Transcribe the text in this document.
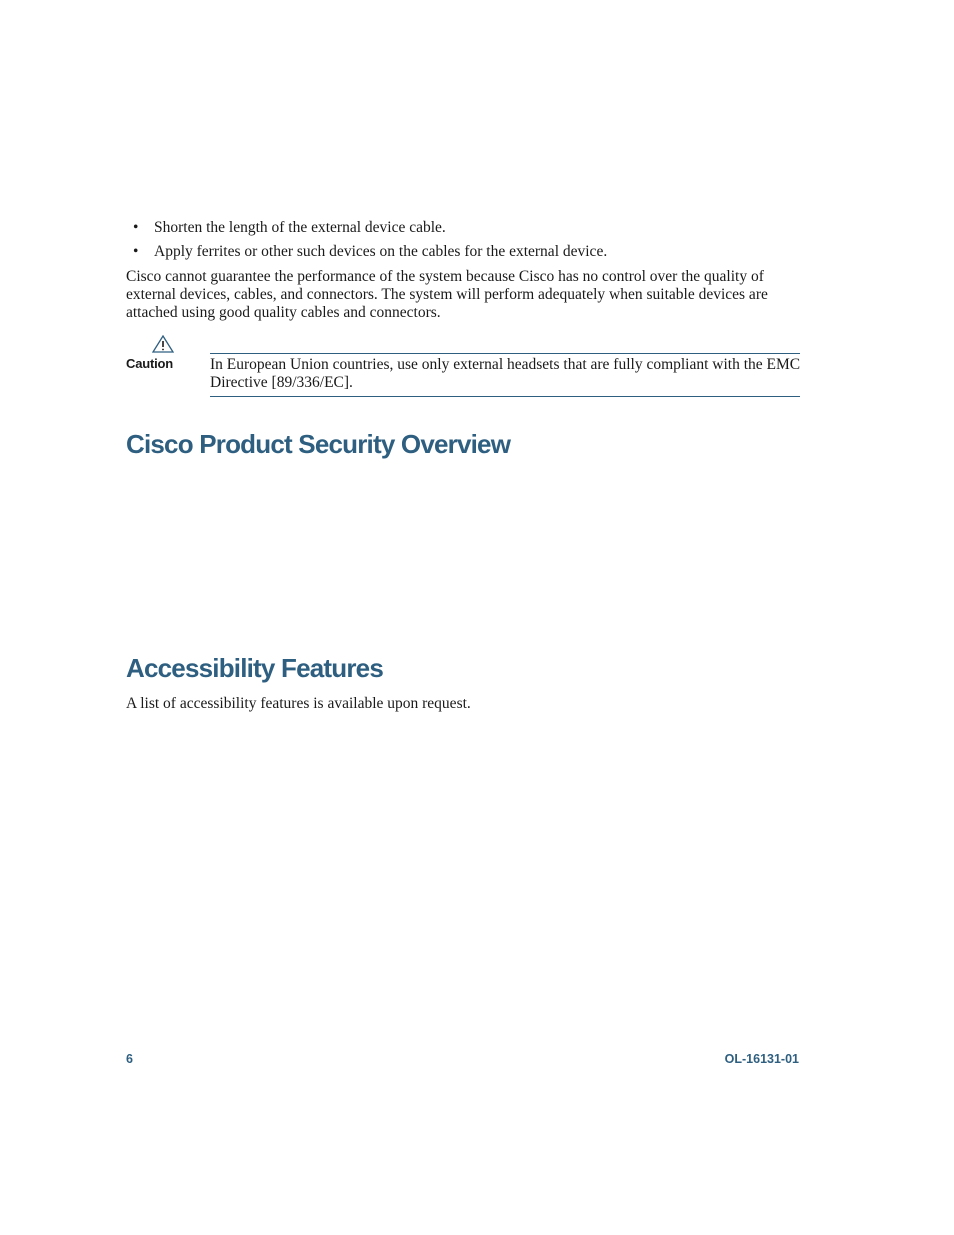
• Shorten the length of the external device cable.
• Apply ferrites or other such devices on the cables for the external device.

Cisco cannot guarantee the performance of the system because Cisco has no control over the quality of external devices, cables, and connectors. The system will perform adequately when suitable devices are attached using good quality cables and connectors.

Caution In European Union countries, use only external headsets that are fully compliant with the EMC Directive [89/336/EC].

Cisco Product Security Overview
Accessibility Features

A list of accessibility features is available upon request.

6	OL-16131-01
